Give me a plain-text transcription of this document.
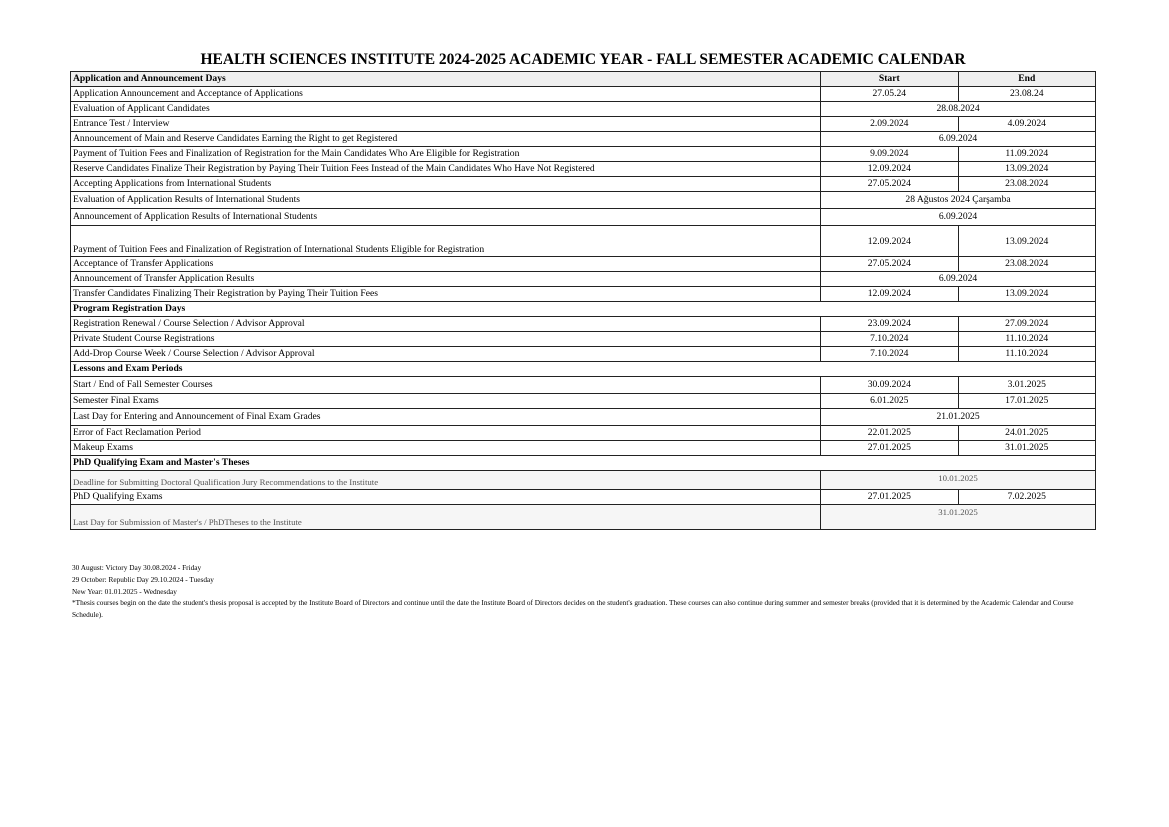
HEALTH SCIENCES INSTITUTE 2024-2025 ACADEMIC YEAR - FALL SEMESTER ACADEMIC CALENDAR
Application and Announcement Days	Start	End
Application Announcement and Acceptance of Applications	27.05.24	23.08.24
Evaluation of Applicant Candidates	28.08.2024	
Entrance Test / Interview	2.09.2024	4.09.2024
Announcement of Main and Reserve Candidates Earning the Right to get Registered	6.09.2024	
Payment of Tuition Fees and Finalization of Registration for the Main Candidates Who Are Eligible for Registration	9.09.2024	11.09.2024
Reserve Candidates Finalize Their Registration by Paying Their Tuition Fees Instead of the Main Candidates Who Have Not Registered	12.09.2024	13.09.2024
Accepting Applications from International Students	27.05.2024	23.08.2024
Evaluation of Application Results of International Students	28 Ağustos 2024 Çarşamba	
Announcement of Application Results of International Students	6.09.2024	
Payment of Tuition Fees and Finalization of Registration of International Students Eligible for Registration	12.09.2024	13.09.2024
Acceptance of Transfer Applications	27.05.2024	23.08.2024
Announcement of Transfer Application Results	6.09.2024	
Transfer Candidates Finalizing Their Registration by Paying Their Tuition Fees	12.09.2024	13.09.2024
Program Registration Days		
Registration Renewal / Course Selection / Advisor Approval	23.09.2024	27.09.2024
Private Student Course Registrations	7.10.2024	11.10.2024
Add-Drop Course Week / Course Selection / Advisor Approval	7.10.2024	11.10.2024
Lessons and Exam Periods		
Start / End of Fall Semester Courses	30.09.2024	3.01.2025
Semester Final Exams	6.01.2025	17.01.2025
Last Day for Entering and Announcement of Final Exam Grades	21.01.2025	
Error of Fact Reclamation Period	22.01.2025	24.01.2025
Makeup Exams	27.01.2025	31.01.2025
PhD Qualifying Exam and Master's Theses		
Deadline for Submitting Doctoral Qualification Jury Recommendations to the Institute	10.01.2025	
PhD Qualifying Exams	27.01.2025	7.02.2025
Last Day for Submission of Master's / PhDTheses to the Institute	31.01.2025	
30 August: Victory Day 30.08.2024 - Friday
29 October: Republic Day 29.10.2024 - Tuesday
New Year: 01.01.2025 - Wednesday
*Thesis courses begin on the date the student's thesis proposal is accepted by the Institute Board of Directors and continue until the date the Institute Board of Directors decides on the student's graduation. These courses can also continue during summer and semester breaks (provided that it is determined by the Academic Calendar and Course Schedule).
